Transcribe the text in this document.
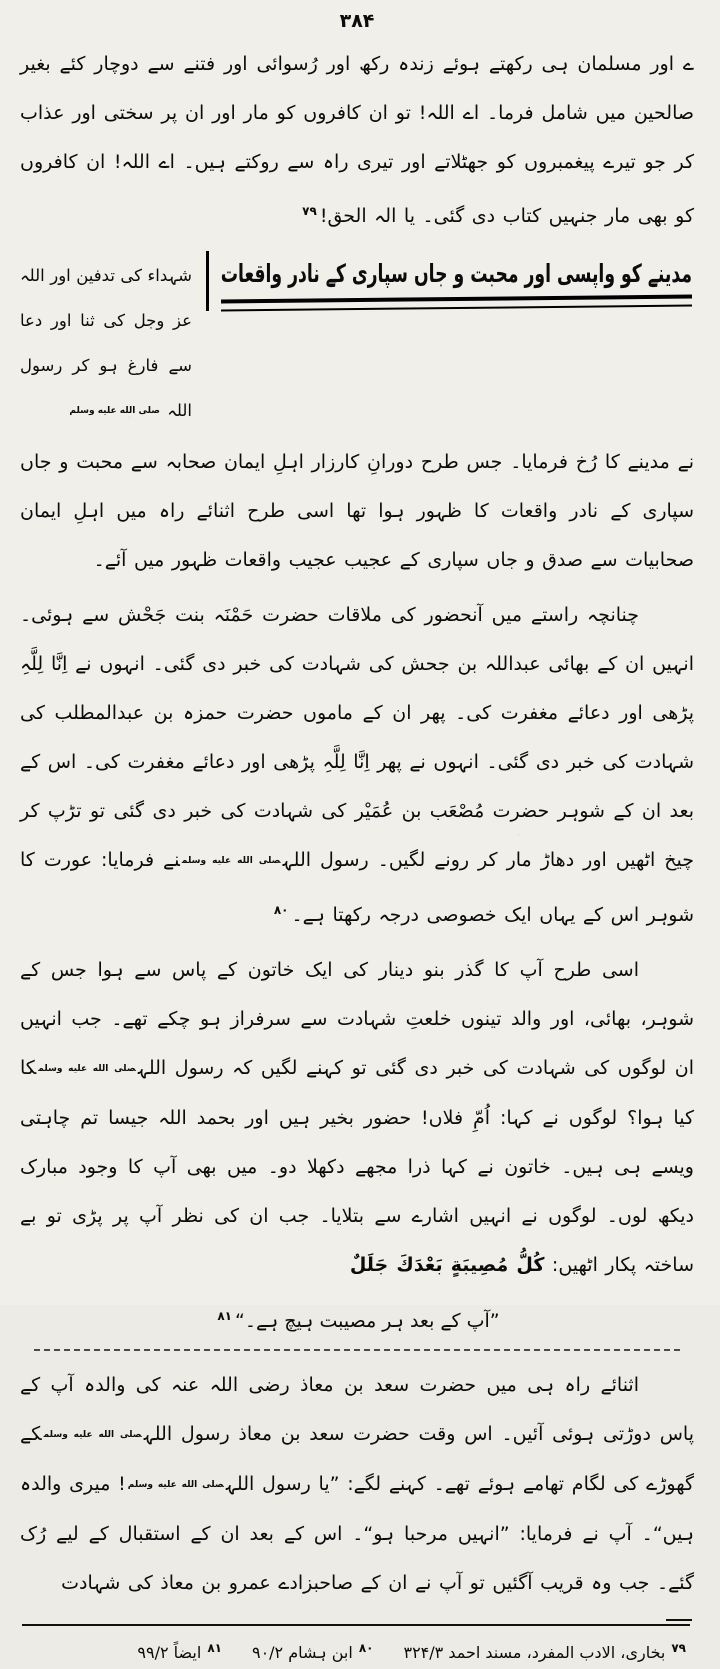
۳۸۴

ے اور مسلمان ہی رکھتے ہوئے زندہ رکھ اور رُسوائی اور فتنے سے دوچار کئے بغیر صالحین میں شامل فرما۔ اے اللہ! تو ان کافروں کو مار اور ان پر سختی اور عذاب کر جو تیرے پیغمبروں کو جھٹلاتے اور تیری راہ سے روکتے ہیں۔ اے اللہ! ان کافروں کو بھی مار جنہیں کتاب دی گئی۔ یا الہ الحق!$^{۷۹}$

مدینے کو واپسی اور محبت و جاں سپاری کے نادر واقعات
شہداء کی تدفین اور اللہ عز وجل کی ثنا اور دعا سے فارغ ہو کر رسول اللہ صلى الله عليه وسلم

نے مدینے کا رُخ فرمایا۔ جس طرح دورانِ کارزار اہلِ ایمان صحابہ سے محبت و جاں سپاری کے نادر واقعات کا ظہور ہوا تھا اسی طرح اثنائے راہ میں اہلِ ایمان صحابیات سے صدق و جاں سپاری کے عجیب عجیب واقعات ظہور میں آئے۔

چنانچہ راستے میں آنحضور کی ملاقات حضرت حَمْنَہ بنت جَحْش سے ہوئی۔ انہیں ان کے بھائی عبداللہ بن جحش کی شہادت کی خبر دی گئی۔ انہوں نے اِنَّا لِلَّہِ پڑھی اور دعائے مغفرت کی۔ پھر ان کے ماموں حضرت حمزہ بن عبدالمطلب کی شہادت کی خبر دی گئی۔ انہوں نے پھر اِنَّا لِلَّہِ پڑھی اور دعائے مغفرت کی۔ اس کے بعد ان کے شوہر حضرت مُصْعَب بن عُمَیْر کی شہادت کی خبر دی گئی تو تڑپ کر چیخ اٹھیں اور دھاڑ مار کر رونے لگیں۔ رسول اللہصلى الله عليه وسلمنے فرمایا: عورت کا شوہر اس کے یہاں ایک خصوصی درجہ رکھتا ہے۔$^{۸۰}$

اسی طرح آپ کا گذر بنو دینار کی ایک خاتون کے پاس سے ہوا جس کے شوہر، بھائی، اور والد تینوں خلعتِ شہادت سے سرفراز ہو چکے تھے۔ جب انہیں ان لوگوں کی شہادت کی خبر دی گئی تو کہنے لگیں کہ رسول اللہصلى الله عليه وسلمکا کیا ہوا؟ لوگوں نے کہا: اُمِّ فلاں! حضور بخیر ہیں اور بحمد اللہ جیسا تم چاہتی ویسے ہی ہیں۔ خاتون نے کہا ذرا مجھے دکھلا دو۔ میں بھی آپ کا وجود مبارک دیکھ لوں۔ لوگوں نے انہیں اشارے سے بتلایا۔ جب ان کی نظر آپ پر پڑی تو بے ساختہ پکار اٹھیں: كُلُّ مُصِيبَةٍ بَعْدَكَ جَلَلٌ

”آپ کے بعد ہر مصیبت ہیچ ہے۔“$^{۸۱}$

اثنائے راہ ہی میں حضرت سعد بن معاذ رضی اللہ عنہ کی والدہ آپ کے پاس دوڑتی ہوئی آئیں۔ اس وقت حضرت سعد بن معاذ رسول اللہصلى الله عليه وسلمکے گھوڑے کی لگام تھامے ہوئے تھے۔ کہنے لگے: ”یا رسول اللہصلى الله عليه وسلم! میری والدہ ہیں“۔ آپ نے فرمایا: ”انہیں مرحبا ہو“۔ اس کے بعد ان کے استقبال کے لیے رُک گئے۔ جب وہ قریب آگئیں تو آپ نے ان کے صاحبزادے عمرو بن معاذ کی شہادت

۷۹
بخاری، الادب المفرد، مسند احمد ۳۲۴/۳
۸۰
ابن ہشام ۹۰/۲
۸۱
ایضاً ۹۹/۲
